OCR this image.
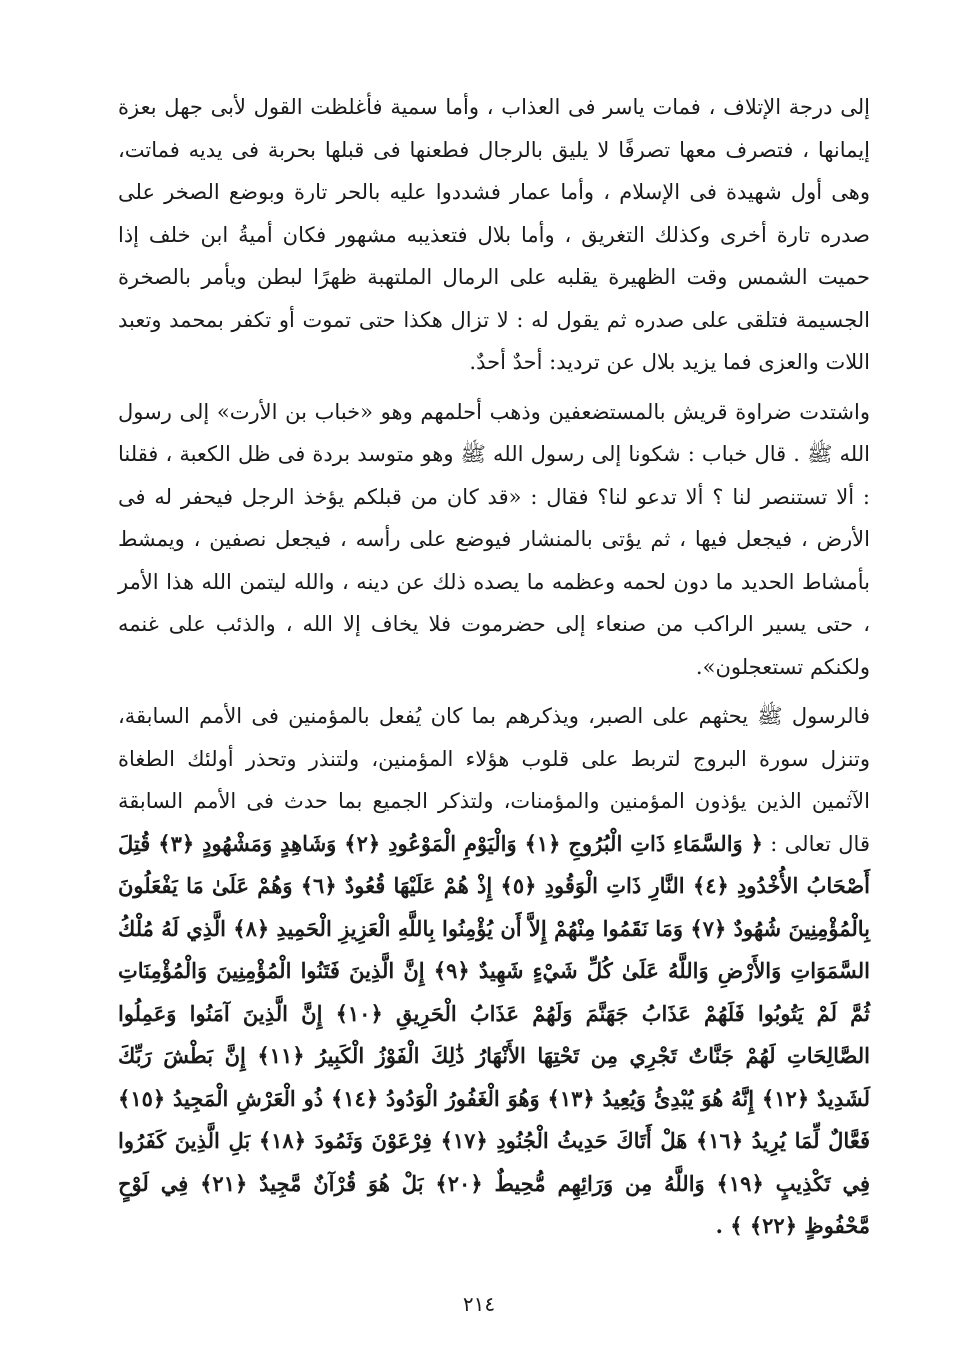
إلى درجة الإتلاف ، فمات ياسر فى العذاب ، وأما سمية فأغلظت القول لأبى جهل بعزة إيمانها ، فتصرف معها تصرفًا لا يليق بالرجال فطعنها فى قبلها بحربة فى يديه فماتت، وهى أول شهيدة فى الإسلام ، وأما عمار فشددوا عليه بالحر تارة وبوضع الصخر على صدره تارة أخرى وكذلك التغريق ، وأما بلال فتعذيبه مشهور فكان أميةُ ابن خلف إذا حميت الشمس وقت الظهيرة يقلبه على الرمال الملتهبة ظهرًا لبطن ويأمر بالصخرة الجسيمة فتلقى على صدره ثم يقول له : لا تزال هكذا حتى تموت أو تكفر بمحمد وتعبد اللات والعزى فما يزيد بلال عن ترديد: أحدٌ أحدٌ.

واشتدت ضراوة قريش بالمستضعفين وذهب أحلمهم وهو «خباب بن الأرت» إلى رسول الله ﷺ . قال خباب : شكونا إلى رسول الله ﷺ وهو متوسد بردة فى ظل الكعبة ، فقلنا : ألا تستنصر لنا ؟ ألا تدعو لنا؟ فقال : «قد كان من قبلكم يؤخذ الرجل فيحفر له فى الأرض ، فيجعل فيها ، ثم يؤتى بالمنشار فيوضع على رأسه ، فيجعل نصفين ، ويمشط بأمشاط الحديد ما دون لحمه وعظمه ما يصده ذلك عن دينه ، والله ليتمن الله هذا الأمر ، حتى يسير الراكب من صنعاء إلى حضرموت فلا يخاف إلا الله ، والذئب على غنمه ولكنكم تستعجلون».

فالرسول ﷺ يحثهم على الصبر، ويذكرهم بما كان يُفعل بالمؤمنين فى الأمم السابقة، وتنزل سورة البروج لتربط على قلوب هؤلاء المؤمنين، ولتنذر وتحذر أولئك الطغاة الآثمين الذين يؤذون المؤمنين والمؤمنات، ولتذكر الجميع بما حدث فى الأمم السابقة قال تعالى : ﴿ وَالسَّمَاءِ ذَاتِ الْبُرُوجِ ﴿١﴾ وَالْيَوْمِ الْمَوْعُودِ ﴿٢﴾ وَشَاهِدٍ وَمَشْهُودٍ ﴿٣﴾ قُتِلَ أَصْحَابُ الأُخْدُودِ ﴿٤﴾ النَّارِ ذَاتِ الْوَقُودِ ﴿٥﴾ إِذْ هُمْ عَلَيْهَا قُعُودٌ ﴿٦﴾ وَهُمْ عَلَىٰ مَا يَفْعَلُونَ بِالْمُؤْمِنِينَ شُهُودٌ ﴿٧﴾ وَمَا نَقَمُوا مِنْهُمْ إِلاَّ أَن يُؤْمِنُوا بِاللَّهِ الْعَزِيزِ الْحَمِيدِ ﴿٨﴾ الَّذِي لَهُ مُلْكُ السَّمَوَاتِ وَالأَرْضِ وَاللَّهُ عَلَىٰ كُلِّ شَيْءٍ شَهِيدٌ ﴿٩﴾ إِنَّ الَّذِينَ فَتَنُوا الْمُؤْمِنِينَ وَالْمُؤْمِنَاتِ ثُمَّ لَمْ يَتُوبُوا فَلَهُمْ عَذَابُ جَهَنَّمَ وَلَهُمْ عَذَابُ الْحَرِيقِ ﴿١٠﴾ إِنَّ الَّذِينَ آمَنُوا وَعَمِلُوا الصَّالِحَاتِ لَهُمْ جَنَّاتٌ تَجْرِي مِن تَحْتِهَا الأَنْهَارُ ذَٰلِكَ الْفَوْزُ الْكَبِيرُ ﴿١١﴾ إِنَّ بَطْشَ رَبِّكَ لَشَدِيدٌ ﴿١٢﴾ إِنَّهُ هُوَ يُبْدِئُ وَيُعِيدُ ﴿١٣﴾ وَهُوَ الْغَفُورُ الْوَدُودُ ﴿١٤﴾ ذُو الْعَرْشِ الْمَجِيدُ ﴿١٥﴾ فَعَّالٌ لِّمَا يُرِيدُ ﴿١٦﴾ هَلْ أَتَاكَ حَدِيثُ الْجُنُودِ ﴿١٧﴾ فِرْعَوْنَ وَثَمُودَ ﴿١٨﴾ بَلِ الَّذِينَ كَفَرُوا فِي تَكْذِيبٍ ﴿١٩﴾ وَاللَّهُ مِن وَرَائِهِم مُّحِيطٌ ﴿٢٠﴾ بَلْ هُوَ قُرْآنٌ مَّجِيدٌ ﴿٢١﴾ فِي لَوْحٍ مَّحْفُوظٍ ﴿٢٢﴾ ﴾ .
٢١٤
